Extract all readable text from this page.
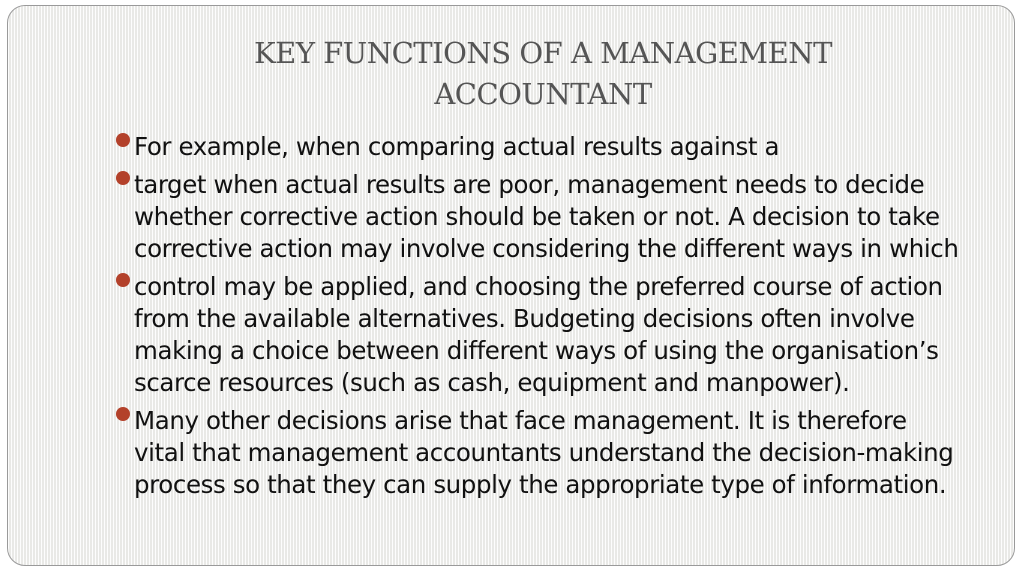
KEY FUNCTIONS OF A MANAGEMENT
ACCOUNTANT
For example, when comparing actual results against a
target when actual results are poor, management needs to decide
whether corrective action should be taken or not. A decision to take
corrective action may involve considering the different ways in which
control may be applied, and choosing the preferred course of action
from the available alternatives. Budgeting decisions often involve
making a choice between different ways of using the organisation’s
scarce resources (such as cash, equipment and manpower).
Many other decisions arise that face management. It is therefore
vital that management accountants understand the decision-making
process so that they can supply the appropriate type of information.
